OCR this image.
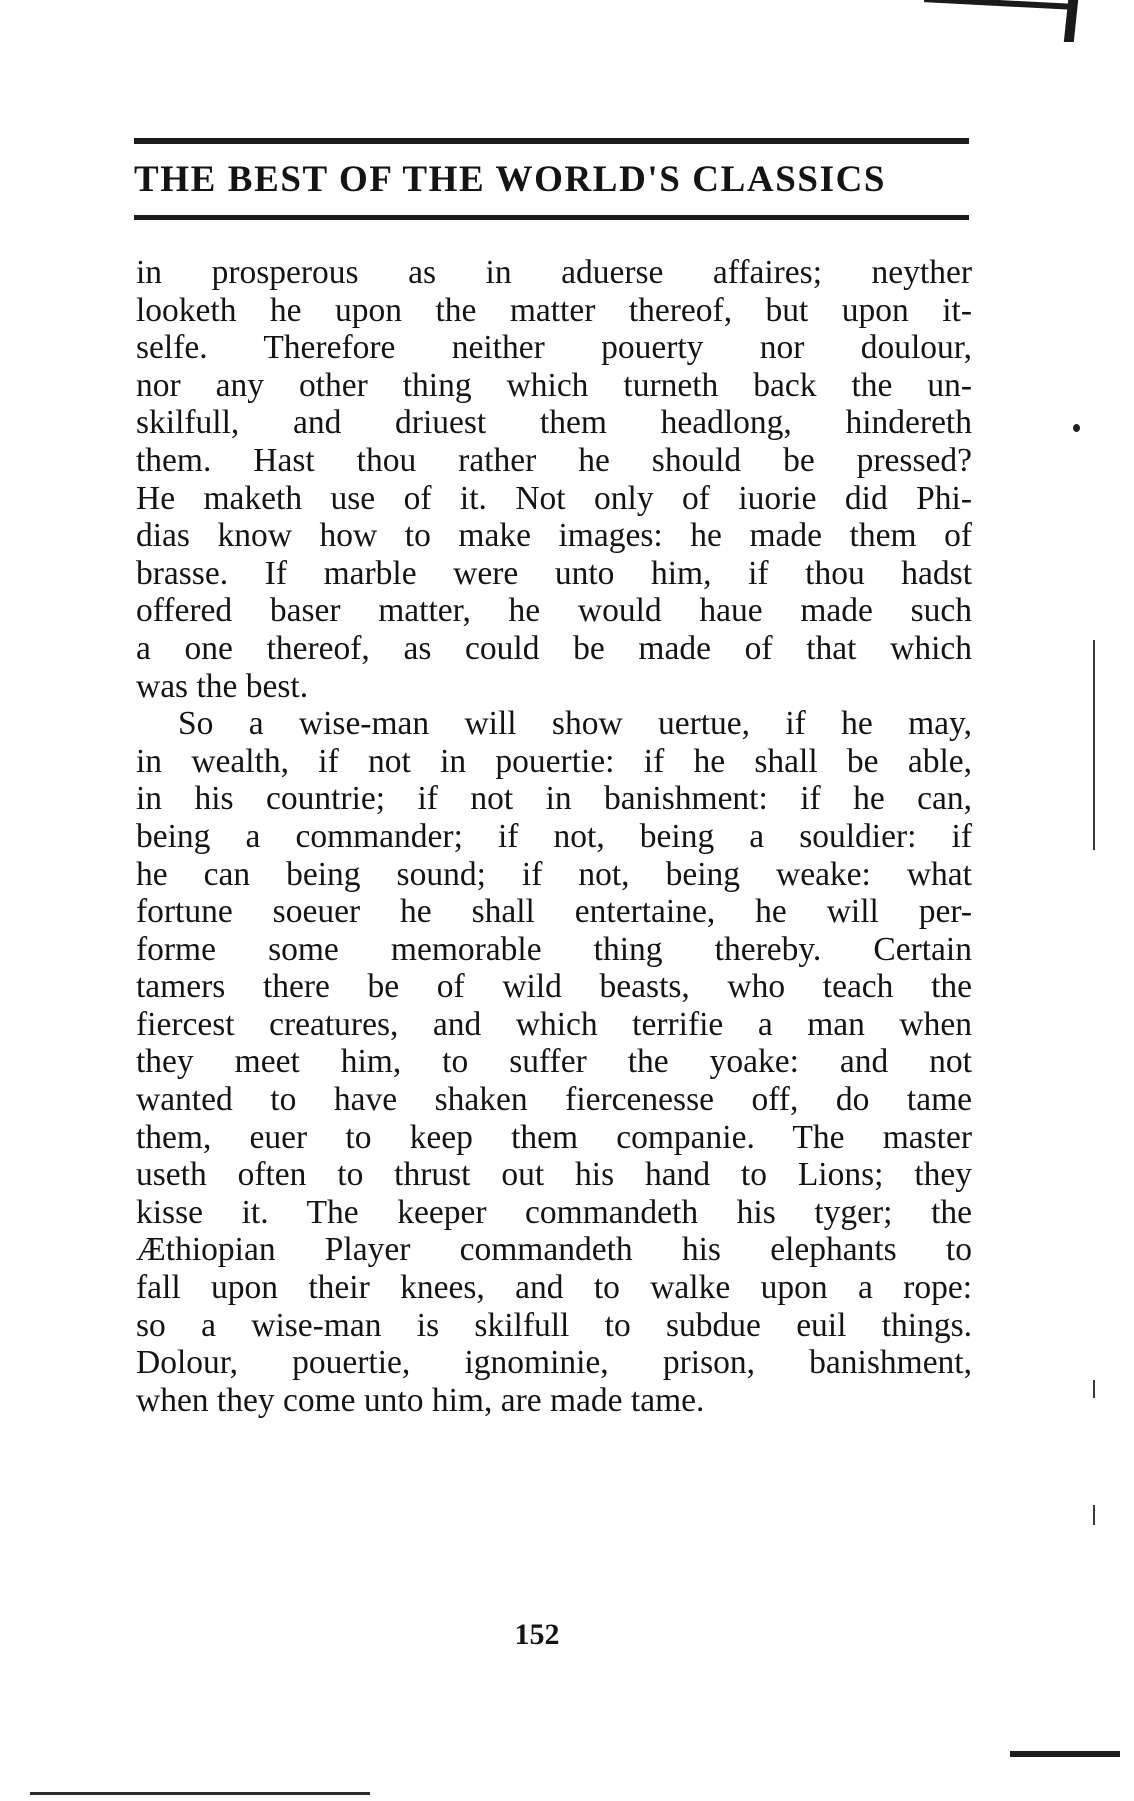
THE BEST OF THE WORLD'S CLASSICS
in prosperous as in aduerse affaires; neyther
looketh he upon the matter thereof, but upon it-
selfe. Therefore neither pouerty nor doulour,
nor any other thing which turneth back the un-
skilfull, and driuest them headlong, hindereth
them. Hast thou rather he should be pressed?
He maketh use of it. Not only of iuorie did Phi-
dias know how to make images: he made them of
brasse. If marble were unto him, if thou hadst
offered baser matter, he would haue made such
a one thereof, as could be made of that which
was the best.
So a wise-man will show uertue, if he may,
in wealth, if not in pouertie: if he shall be able,
in his countrie; if not in banishment: if he can,
being a commander; if not, being a souldier: if
he can being sound; if not, being weake: what
fortune soeuer he shall entertaine, he will per-
forme some memorable thing thereby. Certain
tamers there be of wild beasts, who teach the
fiercest creatures, and which terrifie a man when
they meet him, to suffer the yoake: and not
wanted to have shaken fiercenesse off, do tame
them, euer to keep them companie. The master
useth often to thrust out his hand to Lions; they
kisse it. The keeper commandeth his tyger; the
Æthiopian Player commandeth his elephants to
fall upon their knees, and to walke upon a rope:
so a wise-man is skilfull to subdue euil things.
Dolour, pouertie, ignominie, prison, banishment,
when they come unto him, are made tame.
152
